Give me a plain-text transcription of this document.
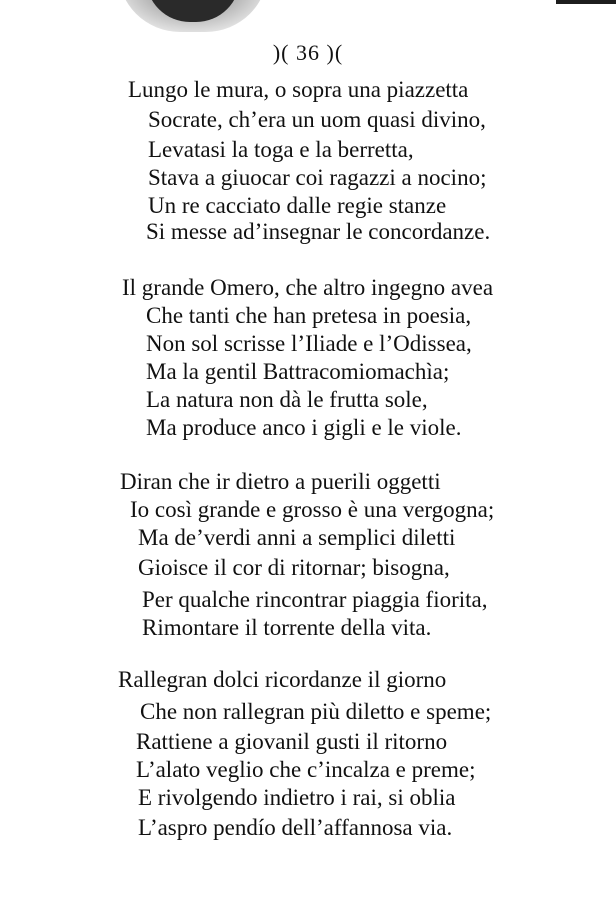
)( 36 )(
Lungo le mura, o sopra una piazzetta
Socrate, ch’era un uom quasi divino,
Levatasi la toga e la berretta,
Stava a giuocar coi ragazzi a nocino;
Un re cacciato dalle regie stanze
Si messe ad’insegnar le concordanze.
Il grande Omero, che altro ingegno avea
Che tanti che han pretesa in poesia,
Non sol scrisse l’Iliade e l’Odissea,
Ma la gentil Battracomiomachìa;
La natura non dà le frutta sole,
Ma produce anco i gigli e le viole.
Diran che ir dietro a puerili oggetti
Io così grande e grosso è una vergogna;
Ma de’verdi anni a semplici diletti
Gioisce il cor di ritornar; bisogna,
Per qualche rincontrar piaggia fiorita,
Rimontare il torrente della vita.
Rallegran dolci ricordanze il giorno
Che non rallegran più diletto e speme;
Rattiene a giovanil gusti il ritorno
L’alato veglio che c’incalza e preme;
E rivolgendo indietro i rai, si oblia
L’aspro pendío dell’affannosa via.
